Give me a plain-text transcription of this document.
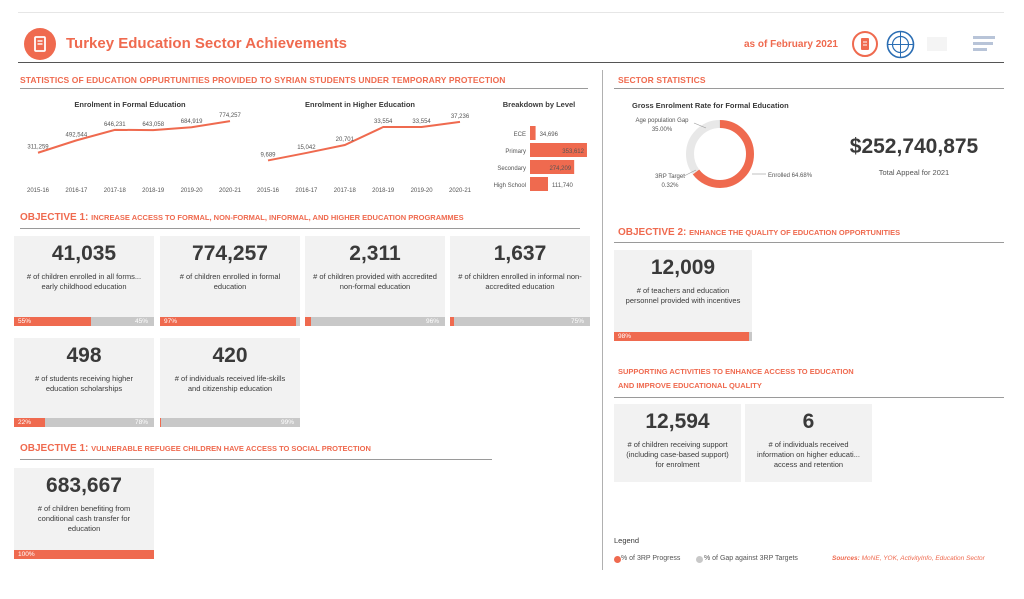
Turkey Education Sector Achievements	as of February 2021
STATISTICS OF EDUCATION OPPURTUNITIES PROVIDED TO SYRIAN STUDENTS UNDER TEMPORARY PROTECTION
Enrolment in Formal Education
311,259
2015-16
492,544
2016-17
646,231
2017-18
643,058
2018-19
684,919
2019-20
774,257
2020-21
Enrolment in Higher Education
9,689
2015-16
15,042
2016-17
20,701
2017-18
33,554
2018-19
33,554
2019-20
37,236
2020-21
Breakdown by Level
ECE 34,696
Primary	353,612
Secondary	274,209
High School	111,740
OBJECTIVE 1: INCREASE ACCESS TO FORMAL, NON-FORMAL, INFORMAL, AND HIGHER EDUCATION PROGRAMMES
41,035
# of children enrolled in all forms... early childhood education
55%	45%
774,257
# of children enrolled in formal education
97%
2,311
# of children provided with accredited non-formal education
96%
1,637
# of children enrolled in informal non-accredited education
75%
498
# of students receiving higher education scholarships
22%	78%
420
# of individuals received life-skills and citizenship education
99%
OBJECTIVE 1: VULNERABLE REFUGEE CHILDREN HAVE ACCESS TO SOCIAL PROTECTION
683,667
# of children benefiting from conditional cash transfer for education
100%
SECTOR STATISTICS
Gross Enrolment Rate for Formal Education
Enrolled 64.68%
Age population Gap
35.00%
3RP Target
0.32%
$252,740,875
Total Appeal for 2021
OBJECTIVE 2: ENHANCE THE QUALITY OF EDUCATION OPPORTUNITIES
12,009
# of teachers and education personnel provided with incentives
98%
SUPPORTING ACTIVITIES TO ENHANCE ACCESS TO EDUCATION
AND IMPROVE EDUCATIONAL QUALITY
12,594
# of children receiving support (including case-based support) for enrolment
6
# of individuals received information on higher educati... access and retention
Legend
% of 3RP Progress	% of Gap against 3RP Targets	Sources: MoNE, YOK, ActivityInfo, Education Sector
